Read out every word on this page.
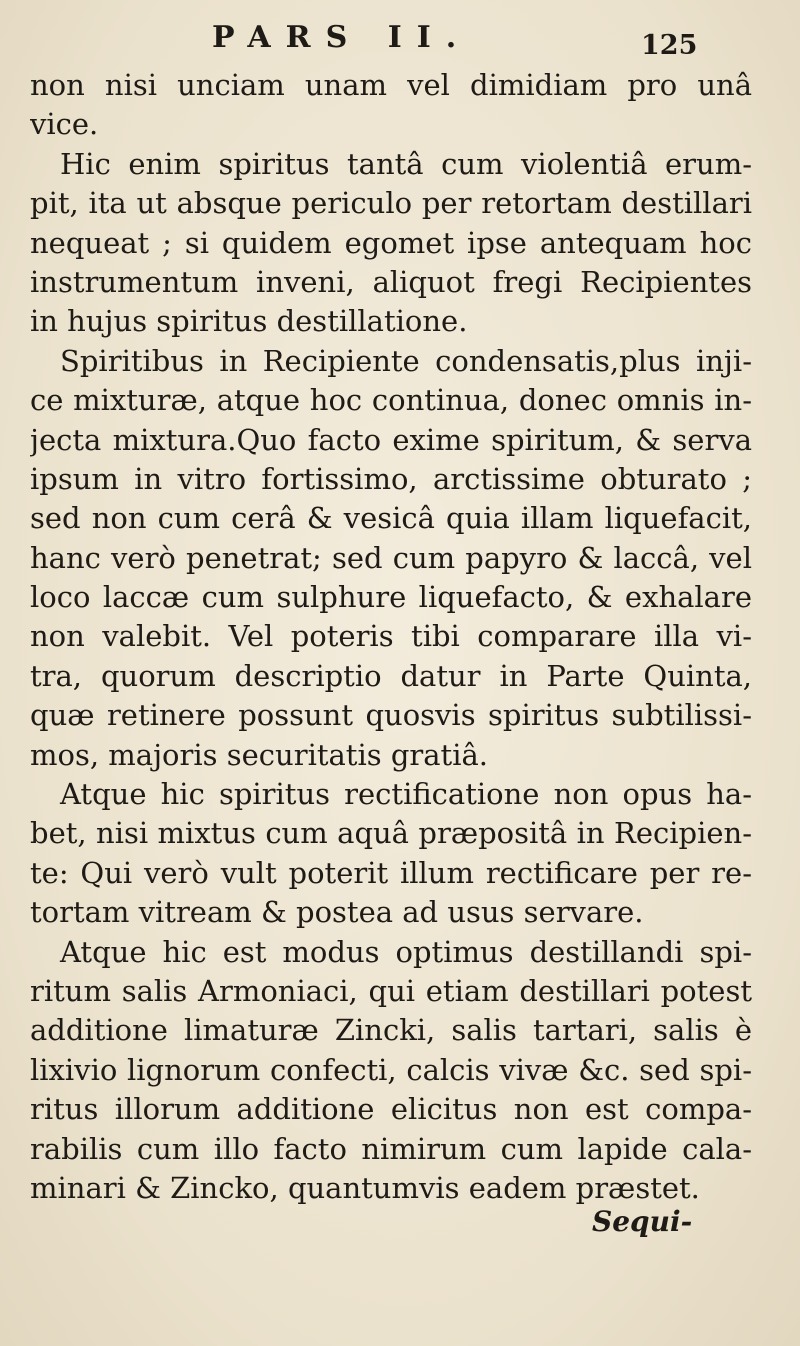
PARS II.	125
non nisi unciam unam vel dimidiam pro unâ
vice.
Hic enim spiritus tantâ cum violentiâ erum-
pit, ita ut absque periculo per retortam destillari
nequeat ; si quidem egomet ipse antequam hoc
instrumentum inveni, aliquot fregi Recipientes
in hujus spiritus destillatione.
Spiritibus in Recipiente condensatis,plus inji-
ce mixturæ, atque hoc continua, donec omnis in-
jecta mixtura.Quo facto exime spiritum, & serva
ipsum in vitro fortissimo, arctissime obturato ;
sed non cum cerâ & vesicâ quia illam liquefacit,
hanc verò penetrat; sed cum papyro & laccâ, vel
loco laccæ cum sulphure liquefacto, & exhalare
non valebit. Vel poteris tibi comparare illa vi-
tra, quorum descriptio datur in Parte Quinta,
quæ retinere possunt quosvis spiritus subtilissi-
mos, majoris securitatis gratiâ.
Atque hic spiritus rectificatione non opus ha-
bet, nisi mixtus cum aquâ præpositâ in Recipien-
te: Qui verò vult poterit illum rectificare per re-
tortam vitream & postea ad usus servare.
Atque hic est modus optimus destillandi spi-
ritum salis Armoniaci, qui etiam destillari potest
additione limaturæ Zincki, salis tartari, salis è
lixivio lignorum confecti, calcis vivæ &c. sed spi-
ritus illorum additione elicitus non est compa-
rabilis cum illo facto nimirum cum lapide cala-
minari & Zincko, quantumvis eadem præstet.
Sequi-
